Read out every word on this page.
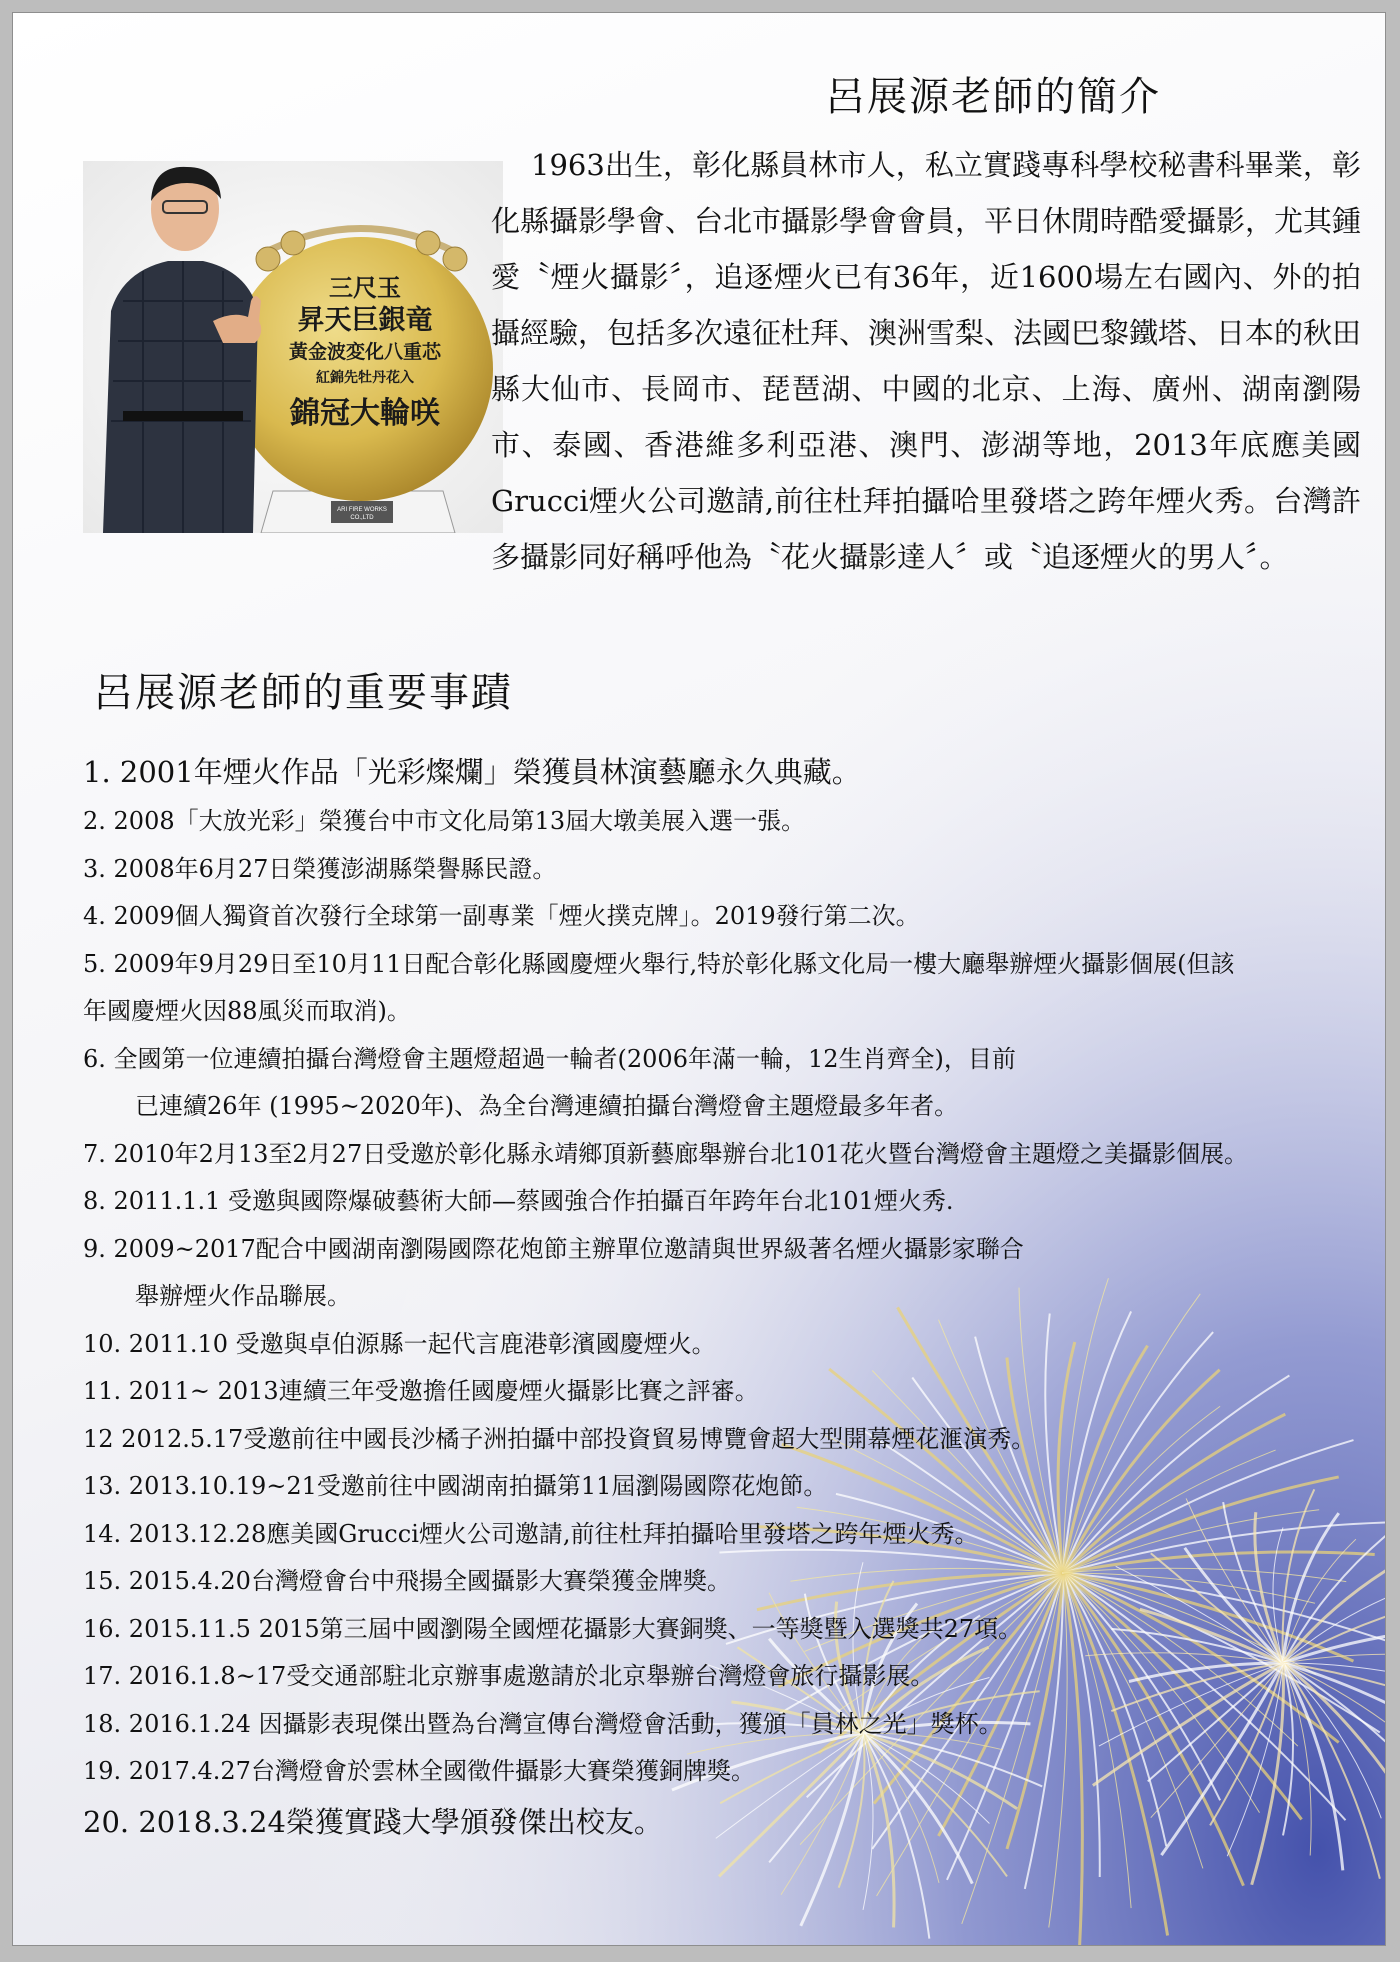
呂展源老師的簡介
ARI FIRE WORKS
CO.,LTD
三尺玉
昇天巨銀竜
黃金波変化八重芯
紅錦先牡丹花入
錦冠大輪咲

1963出生，彰化縣員林市人，私立實踐專科學校秘書科畢業，彰化縣攝影學會、台北市攝影學會會員，平日休閒時酷愛攝影，尤其鍾愛〝煙火攝影〞，追逐煙火已有36年，近1600場左右國內、外的拍攝經驗，包括多次遠征杜拜、澳洲雪梨、法國巴黎鐵塔、日本的秋田縣大仙市、長岡市、琵琶湖、中國的北京、上海、廣州、湖南瀏陽市、泰國、香港維多利亞港、澳門、澎湖等地，2013年底應美國Grucci煙火公司邀請,前往杜拜拍攝哈里發塔之跨年煙火秀。台灣許多攝影同好稱呼他為〝花火攝影達人〞或〝追逐煙火的男人〞。

呂展源老師的重要事蹟
1. 2001年煙火作品「光彩燦爛」榮獲員林演藝廳永久典藏。
2. 2008「大放光彩」榮獲台中市文化局第13屆大墩美展入選一張。
3. 2008年6月27日榮獲澎湖縣榮譽縣民證。
4. 2009個人獨資首次發行全球第一副專業「煙火撲克牌」。2019發行第二次。
5. 2009年9月29日至10月11日配合彰化縣國慶煙火舉行,特於彰化縣文化局一樓大廳舉辦煙火攝影個展(但該
年國慶煙火因88風災而取消)。
6. 全國第一位連續拍攝台灣燈會主題燈超過一輪者(2006年滿一輪，12生肖齊全)，目前
已連續26年 (1995~2020年)、為全台灣連續拍攝台灣燈會主題燈最多年者。
7. 2010年2月13至2月27日受邀於彰化縣永靖鄉頂新藝廊舉辦台北101花火暨台灣燈會主題燈之美攝影個展。
8. 2011.1.1 受邀與國際爆破藝術大師—蔡國強合作拍攝百年跨年台北101煙火秀.
9. 2009~2017配合中國湖南瀏陽國際花炮節主辦單位邀請與世界級著名煙火攝影家聯合
舉辦煙火作品聯展。
10. 2011.10 受邀與卓伯源縣一起代言鹿港彰濱國慶煙火。
11. 2011~ 2013連續三年受邀擔任國慶煙火攝影比賽之評審。
12 2012.5.17受邀前往中國長沙橘子洲拍攝中部投資貿易博覽會超大型開幕煙花滙演秀。
13. 2013.10.19~21受邀前往中國湖南拍攝第11屆瀏陽國際花炮節。
14. 2013.12.28應美國Grucci煙火公司邀請,前往杜拜拍攝哈里發塔之跨年煙火秀。
15. 2015.4.20台灣燈會台中飛揚全國攝影大賽榮獲金牌獎。
16. 2015.11.5 2015第三屆中國瀏陽全國煙花攝影大賽銅獎、一等獎暨入選獎共27項。
17. 2016.1.8~17受交通部駐北京辦事處邀請於北京舉辦台灣燈會旅行攝影展。
18. 2016.1.24 因攝影表現傑出暨為台灣宣傳台灣燈會活動，獲頒「員林之光」獎杯。
19. 2017.4.27台灣燈會於雲林全國徵件攝影大賽榮獲銅牌獎。
20. 2018.3.24榮獲實踐大學頒發傑出校友。
